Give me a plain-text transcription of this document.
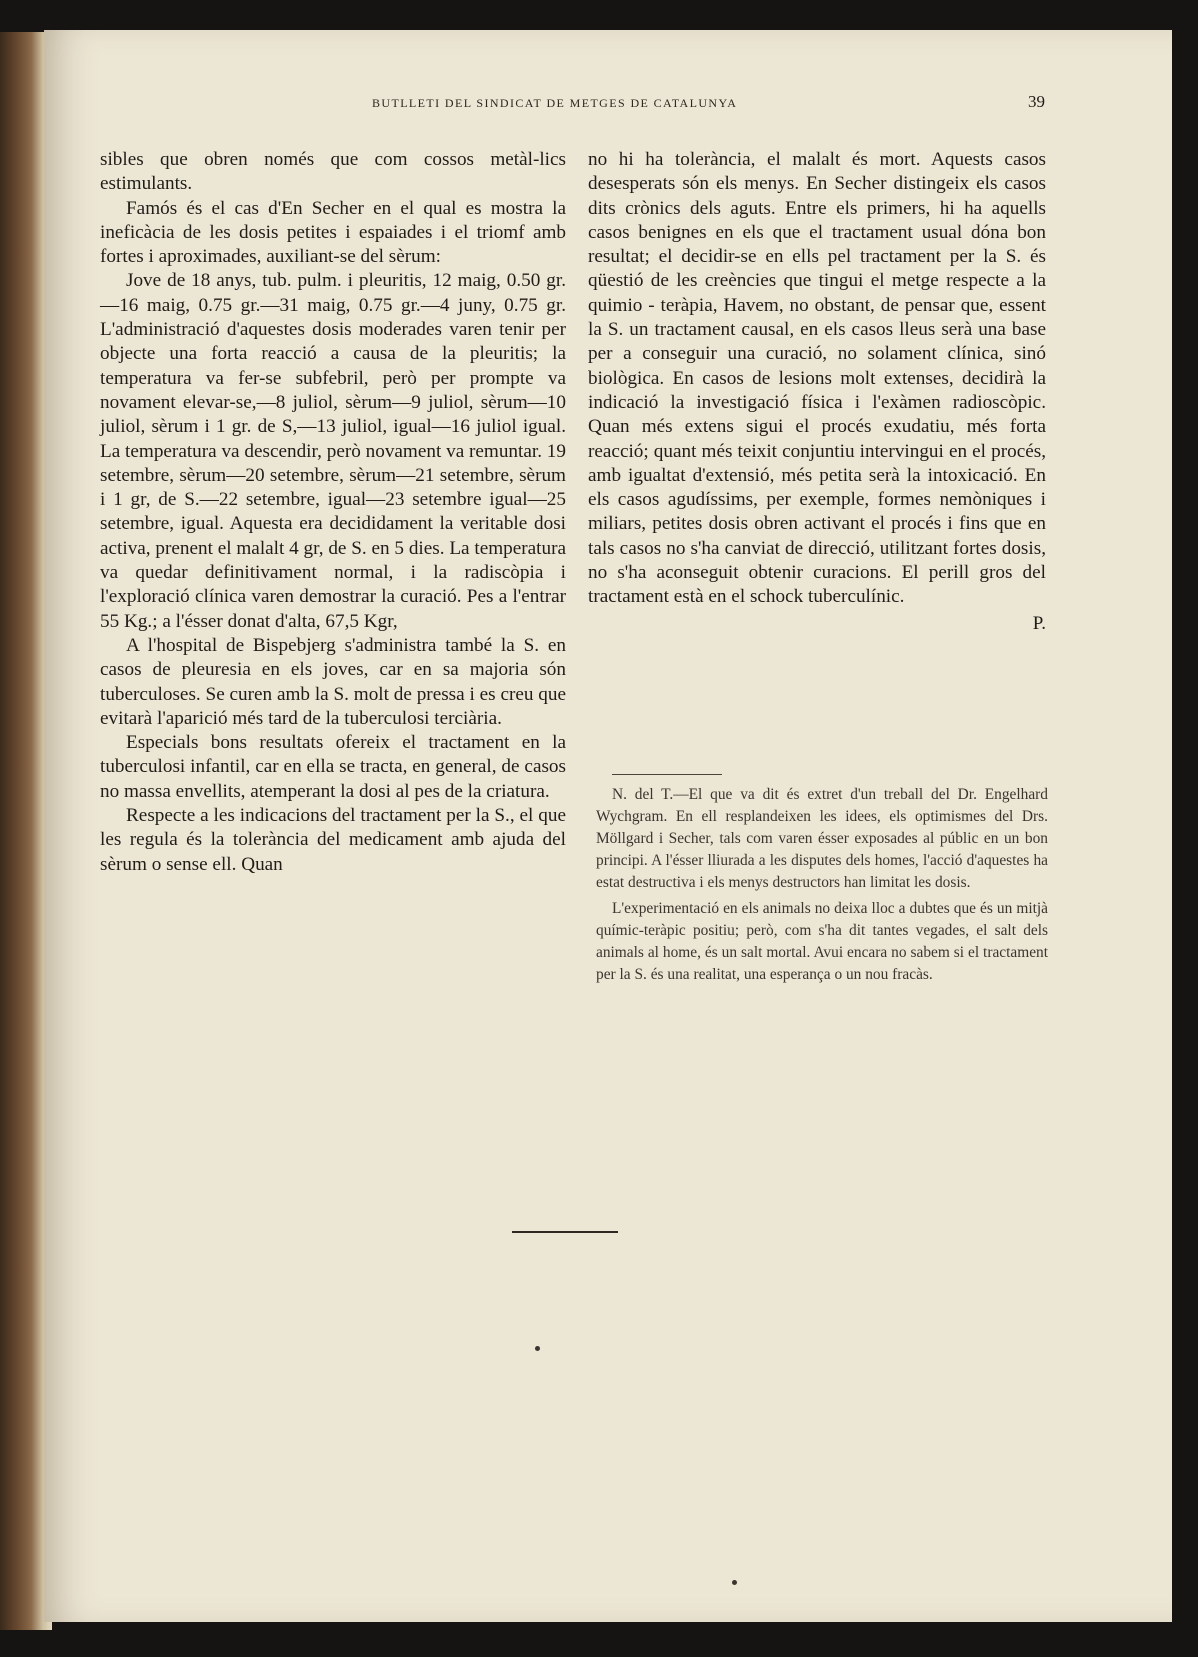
BUTLLETI DEL SINDICAT DE METGES DE CATALUNYA	39

sibles que obren només que com cossos metàl-lics estimulants.

Famós és el cas d'En Secher en el qual es mostra la ineficàcia de les dosis petites i espaiades i el triomf amb fortes i aproximades, auxiliant-se del sèrum:

Jove de 18 anys, tub. pulm. i pleuritis, 12 maig, 0.50 gr.—16 maig, 0.75 gr.—31 maig, 0.75 gr.—4 juny, 0.75 gr. L'administració d'aquestes dosis moderades varen tenir per objecte una forta reacció a causa de la pleuritis; la temperatura va fer-se subfebril, però per prompte va novament elevar-se,—8 juliol, sèrum—9 juliol, sèrum—10 juliol, sèrum i 1 gr. de S,—13 juliol, igual—16 juliol igual. La temperatura va descendir, però novament va remuntar. 19 setembre, sèrum—20 setembre, sèrum—21 setembre, sèrum i 1 gr, de S.—22 setembre, igual—23 setembre igual—25 setembre, igual. Aquesta era decididament la veritable dosi activa, prenent el malalt 4 gr, de S. en 5 dies. La temperatura va quedar definitivament normal, i la radiscòpia i l'exploració clínica varen demostrar la curació. Pes a l'entrar 55 Kg.; a l'ésser donat d'alta, 67,5 Kgr,

A l'hospital de Bispebjerg s'administra també la S. en casos de pleuresia en els joves, car en sa majoria són tuberculoses. Se curen amb la S. molt de pressa i es creu que evitarà l'aparició més tard de la tuberculosi terciària.

Especials bons resultats ofereix el tractament en la tuberculosi infantil, car en ella se tracta, en general, de casos no massa envellits, atemperant la dosi al pes de la criatura.

Respecte a les indicacions del tractament per la S., el que les regula és la tolerància del medicament amb ajuda del sèrum o sense ell. Quan

no hi ha tolerància, el malalt és mort. Aquests casos desesperats són els menys. En Secher distingeix els casos dits crònics dels aguts. Entre els primers, hi ha aquells casos benignes en els que el tractament usual dóna bon resultat; el decidir-se en ells pel tractament per la S. és qüestió de les creències que tingui el metge respecte a la quimio - teràpia, Havem, no obstant, de pensar que, essent la S. un tractament causal, en els casos lleus serà una base per a conseguir una curació, no solament clínica, sinó biològica. En casos de lesions molt extenses, decidirà la indicació la investigació física i l'exàmen radioscòpic. Quan més extens sigui el procés exudatiu, més forta reacció; quant més teixit conjuntiu intervingui en el procés, amb igualtat d'extensió, més petita serà la intoxicació. En els casos agudíssims, per exemple, formes nemòniques i miliars, petites dosis obren activant el procés i fins que en tals casos no s'ha canviat de direcció, utilitzant fortes dosis, no s'ha aconseguit obtenir curacions. El perill gros del tractament està en el schock tuberculínic.

P.

N. del T.—El que va dit és extret d'un treball del Dr. Engelhard Wychgram. En ell resplandeixen les idees, els optimismes del Drs. Möllgard i Secher, tals com varen ésser exposades al públic en un bon principi. A l'ésser lliurada a les disputes dels homes, l'acció d'aquestes ha estat destructiva i els menys destructors han limitat les dosis.

L'experimentació en els animals no deixa lloc a dubtes que és un mitjà químic-teràpic positiu; però, com s'ha dit tantes vegades, el salt dels animals al home, és un salt mortal. Avui encara no sabem si el tractament per la S. és una realitat, una esperança o un nou fracàs.
